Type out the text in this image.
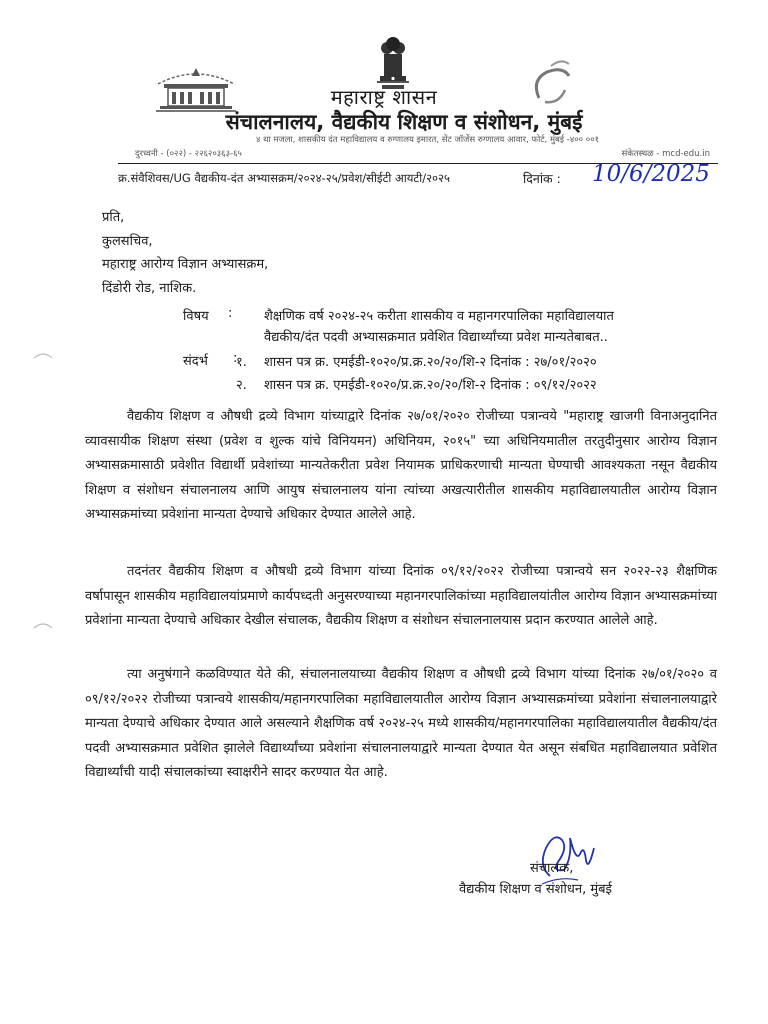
महाराष्ट्र शासन
संचालनालय, वैद्यकीय शिक्षण व संशोधन, मुंबई
४ था मजला, शासकीय दंत महाविद्यालय व रुग्णालय इमारत, सेंट जॉर्जेस रुग्णालय आवार, फोर्ट, मुंबई -४०० ००१
दुरध्वनी - (०२२) - २२६२०३६३-६५	संकेतस्थळ - mcd-edu.in
क्र.संवैशिवस/UG वैद्यकीय-दंत अभ्यासक्रम/२०२४-२५/प्रवेश/सीईटी आयटी/२०२५	दिनांक : 10/6/2025
प्रति,
कुलसचिव,
महाराष्ट्र आरोग्य विज्ञान अभ्यासक्रम,
दिंडोरी रोड, नाशिक.
विषय : शैक्षणिक वर्ष २०२४-२५ करीता शासकीय व महानगरपालिका महाविद्यालयात
वैद्यकीय/दंत पदवी अभ्यासक्रमात प्रवेशित विद्यार्थ्यांच्या प्रवेश मान्यतेबाबत..
संदर्भ :
१. शासन पत्र क्र. एमईडी-१०२०/प्र.क्र.२०/२०/शि-२ दिनांक : २७/०१/२०२०
२. शासन पत्र क्र. एमईडी-१०२०/प्र.क्र.२०/२०/शि-२ दिनांक : ०९/१२/२०२२

वैद्यकीय शिक्षण व औषधी द्रव्ये विभाग यांच्याद्वारे दिनांक २७/०१/२०२० रोजीच्या पत्रान्वये "महाराष्ट्र खाजगी विनाअनुदानित व्यावसायीक शिक्षण संस्था (प्रवेश व शुल्क यांचे विनियमन) अधिनियम, २०१५" च्या अधिनियमातील तरतुदीनुसार आरोग्य विज्ञान अभ्यासक्रमासाठी प्रवेशीत विद्यार्थी प्रवेशांच्या मान्यतेकरीता प्रवेश नियामक प्राधिकरणाची मान्यता घेण्याची आवश्यकता नसून वैद्यकीय शिक्षण व संशोधन संचालनालय आणि आयुष संचालनालय यांना त्यांच्या अखत्यारीतील शासकीय महाविद्यालयातील आरोग्य विज्ञान अभ्यासक्रमांच्या प्रवेशांना मान्यता देण्याचे अधिकार देण्यात आलेले आहे.

तदनंतर वैद्यकीय शिक्षण व औषधी द्रव्ये विभाग यांच्या दिनांक ०९/१२/२०२२ रोजीच्या पत्रान्वये सन २०२२-२३ शैक्षणिक वर्षापासून शासकीय महाविद्यालयांप्रमाणे कार्यपध्दती अनुसरण्याच्या महानगरपालिकांच्या महाविद्यालयांतील आरोग्य विज्ञान अभ्यासक्रमांच्या प्रवेशांना मान्यता देण्याचे अधिकार देखील संचालक, वैद्यकीय शिक्षण व संशोधन संचालनालयास प्रदान करण्यात आलेले आहे.

त्या अनुषंगाने कळविण्यात येते की, संचालनालयाच्या वैद्यकीय शिक्षण व औषधी द्रव्ये विभाग यांच्या दिनांक २७/०१/२०२० व ०९/१२/२०२२ रोजीच्या पत्रान्वये शासकीय/महानगरपालिका महाविद्यालयातील आरोग्य विज्ञान अभ्यासक्रमांच्या प्रवेशांना संचालनालयाद्वारे मान्यता देण्याचे अधिकार देण्यात आले असल्याने शैक्षणिक वर्ष २०२४-२५ मध्ये शासकीय/महानगरपालिका महाविद्यालयातील वैद्यकीय/दंत पदवी अभ्यासक्रमात प्रवेशित झालेले विद्यार्थ्यांच्या प्रवेशांना संचालनालयाद्वारे मान्यता देण्यात येत असून संबधित महाविद्यालयात प्रवेशित विद्यार्थ्यांची यादी संचालकांच्या स्वाक्षरीने सादर करण्यात येत आहे.

संचालक,
वैद्यकीय शिक्षण व संशोधन, मुंबई
